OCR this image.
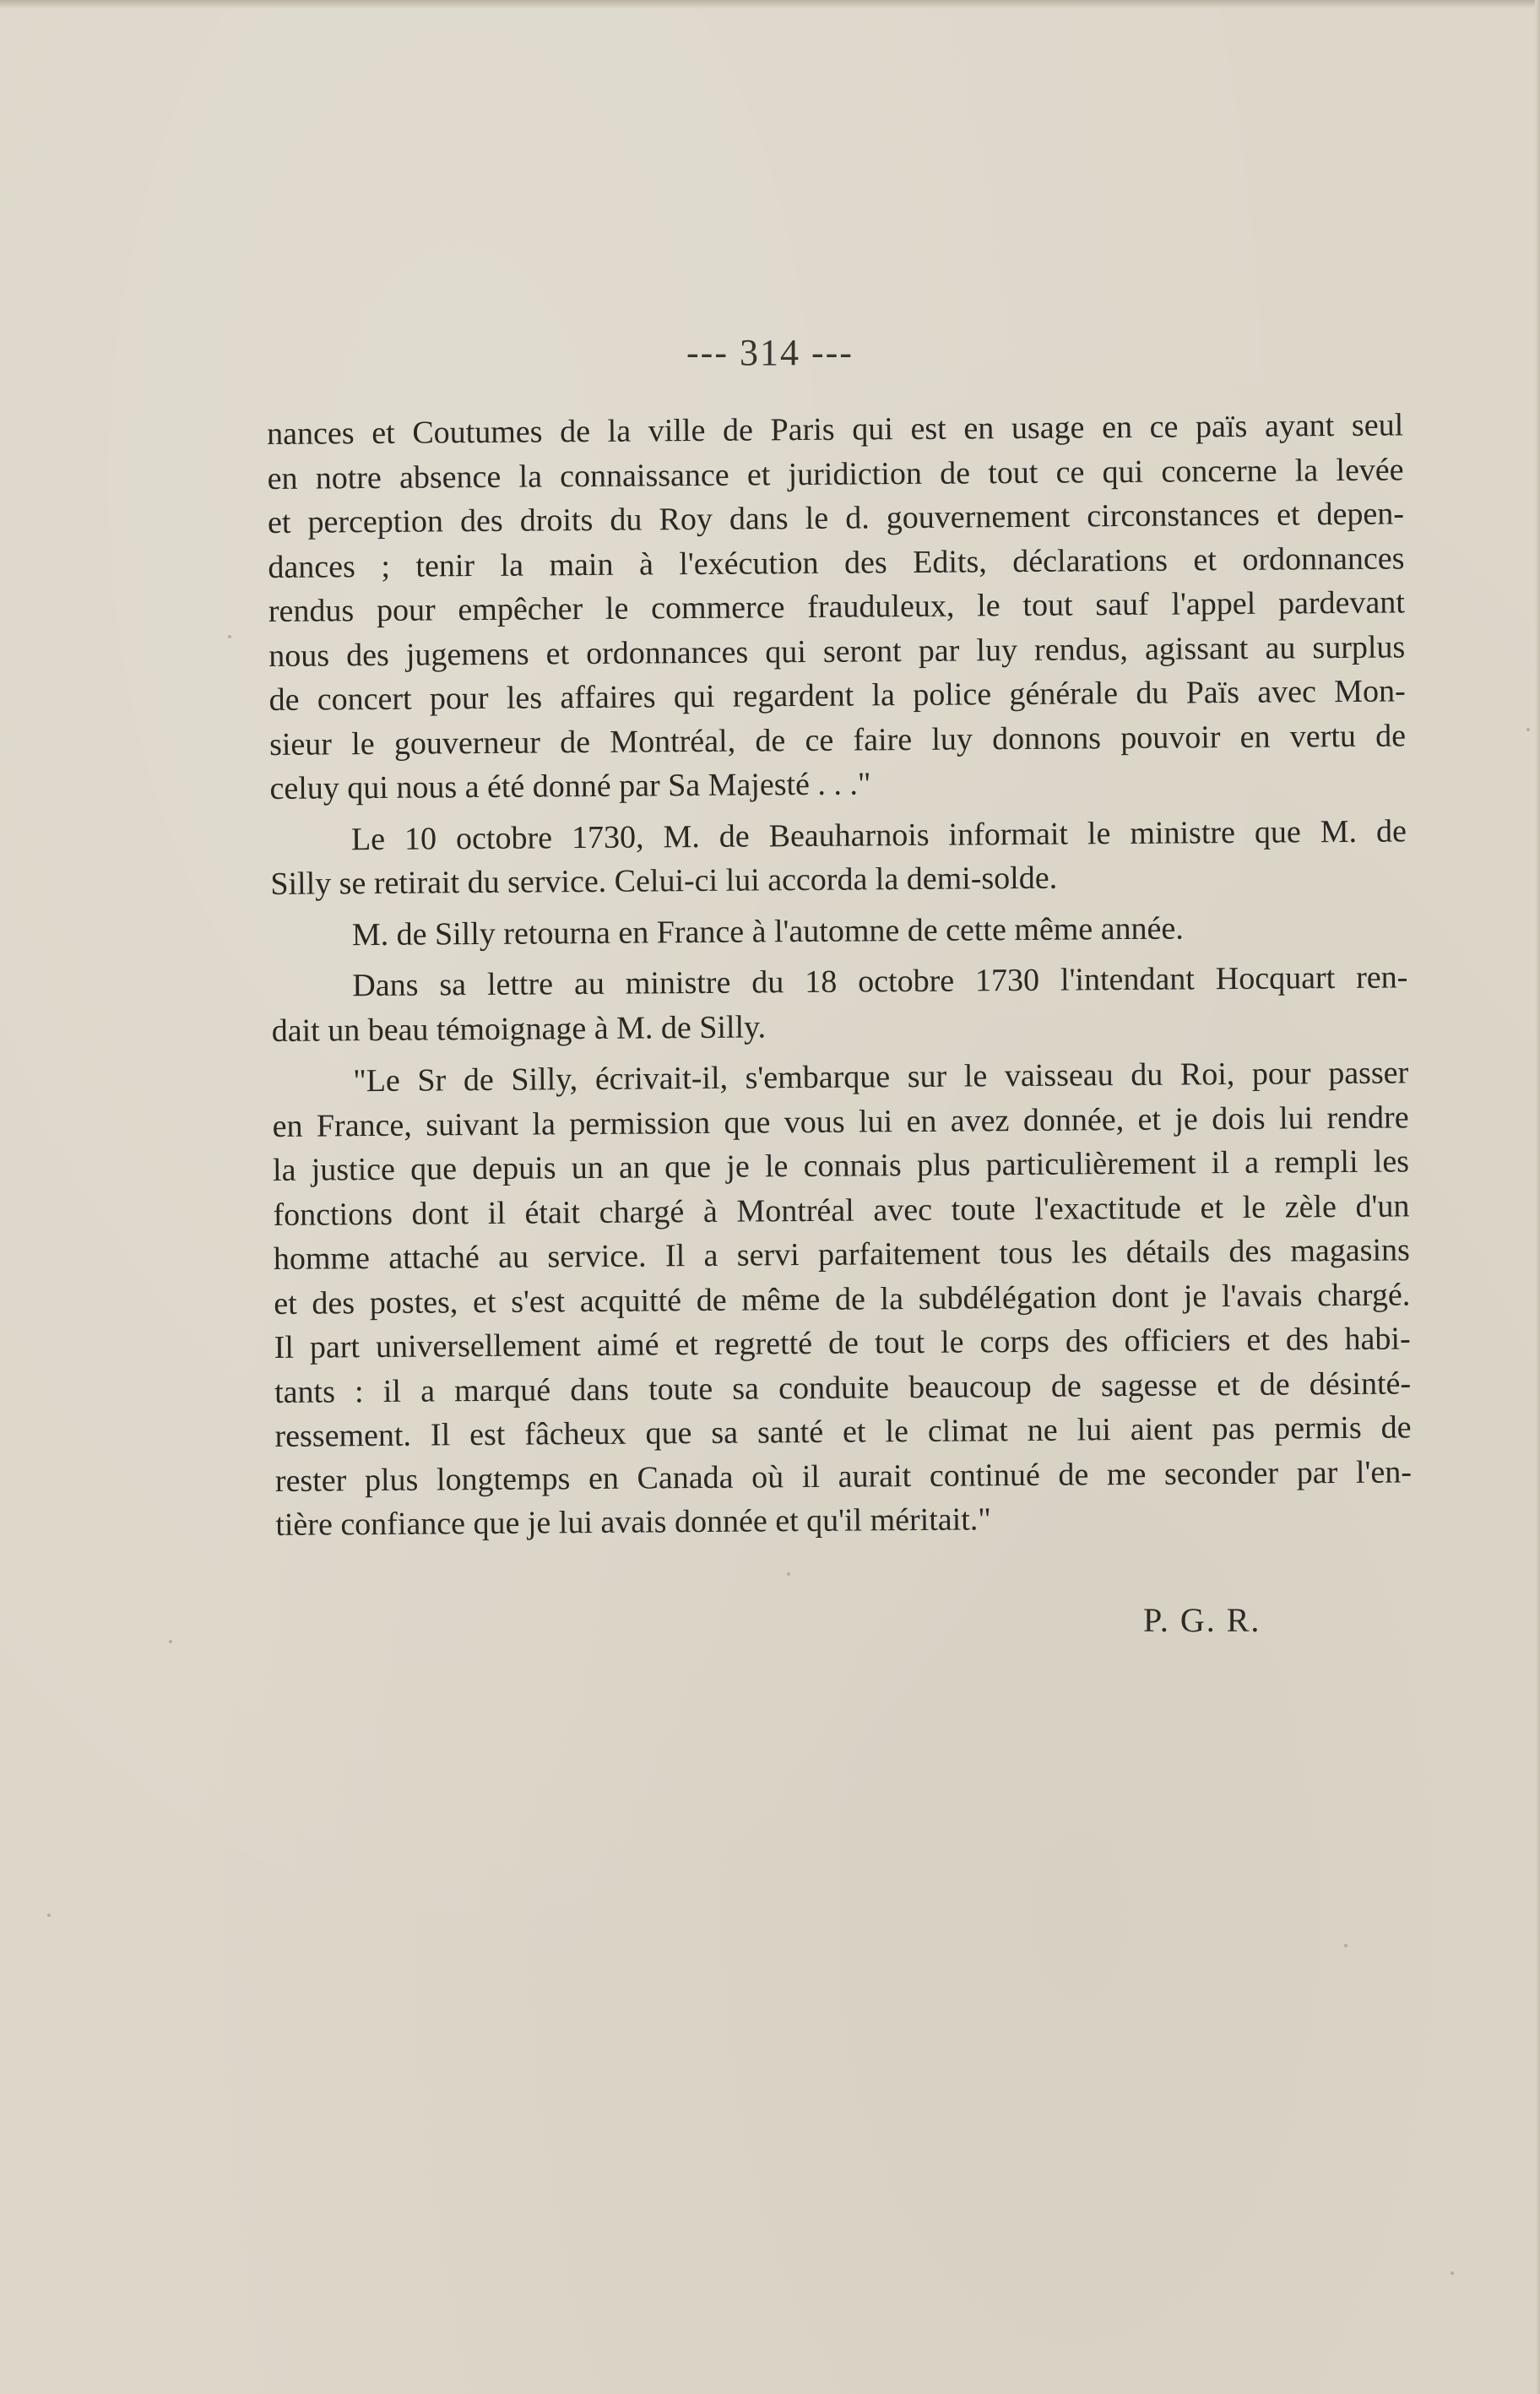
--- 314 ---
nances et Coutumes de la ville de Paris qui est en usage en ce païs ayant seul
en notre absence la connaissance et juridiction de tout ce qui concerne la levée
et perception des droits du Roy dans le d. gouvernement circonstances et depen-
dances ; tenir la main à l'exécution des Edits, déclarations et ordonnances
rendus pour empêcher le commerce frauduleux, le tout sauf l'appel pardevant
nous des jugemens et ordonnances qui seront par luy rendus, agissant au surplus
de concert pour les affaires qui regardent la police générale du Païs avec Mon-
sieur le gouverneur de Montréal, de ce faire luy donnons pouvoir en vertu de
celuy qui nous a été donné par Sa Majesté . . ."
Le 10 octobre 1730, M. de Beauharnois informait le ministre que M. de
Silly se retirait du service. Celui-ci lui accorda la demi-solde.
M. de Silly retourna en France à l'automne de cette même année.
Dans sa lettre au ministre du 18 octobre 1730 l'intendant Hocquart ren-
dait un beau témoignage à M. de Silly.
"Le Sr de Silly, écrivait-il, s'embarque sur le vaisseau du Roi, pour passer
en France, suivant la permission que vous lui en avez donnée, et je dois lui rendre
la justice que depuis un an que je le connais plus particulièrement il a rempli les
fonctions dont il était chargé à Montréal avec toute l'exactitude et le zèle d'un
homme attaché au service. Il a servi parfaitement tous les détails des magasins
et des postes, et s'est acquitté de même de la subdélégation dont je l'avais chargé.
Il part universellement aimé et regretté de tout le corps des officiers et des habi-
tants : il a marqué dans toute sa conduite beaucoup de sagesse et de désinté-
ressement. Il est fâcheux que sa santé et le climat ne lui aient pas permis de
rester plus longtemps en Canada où il aurait continué de me seconder par l'en-
tière confiance que je lui avais donnée et qu'il méritait."
P. G. R.
